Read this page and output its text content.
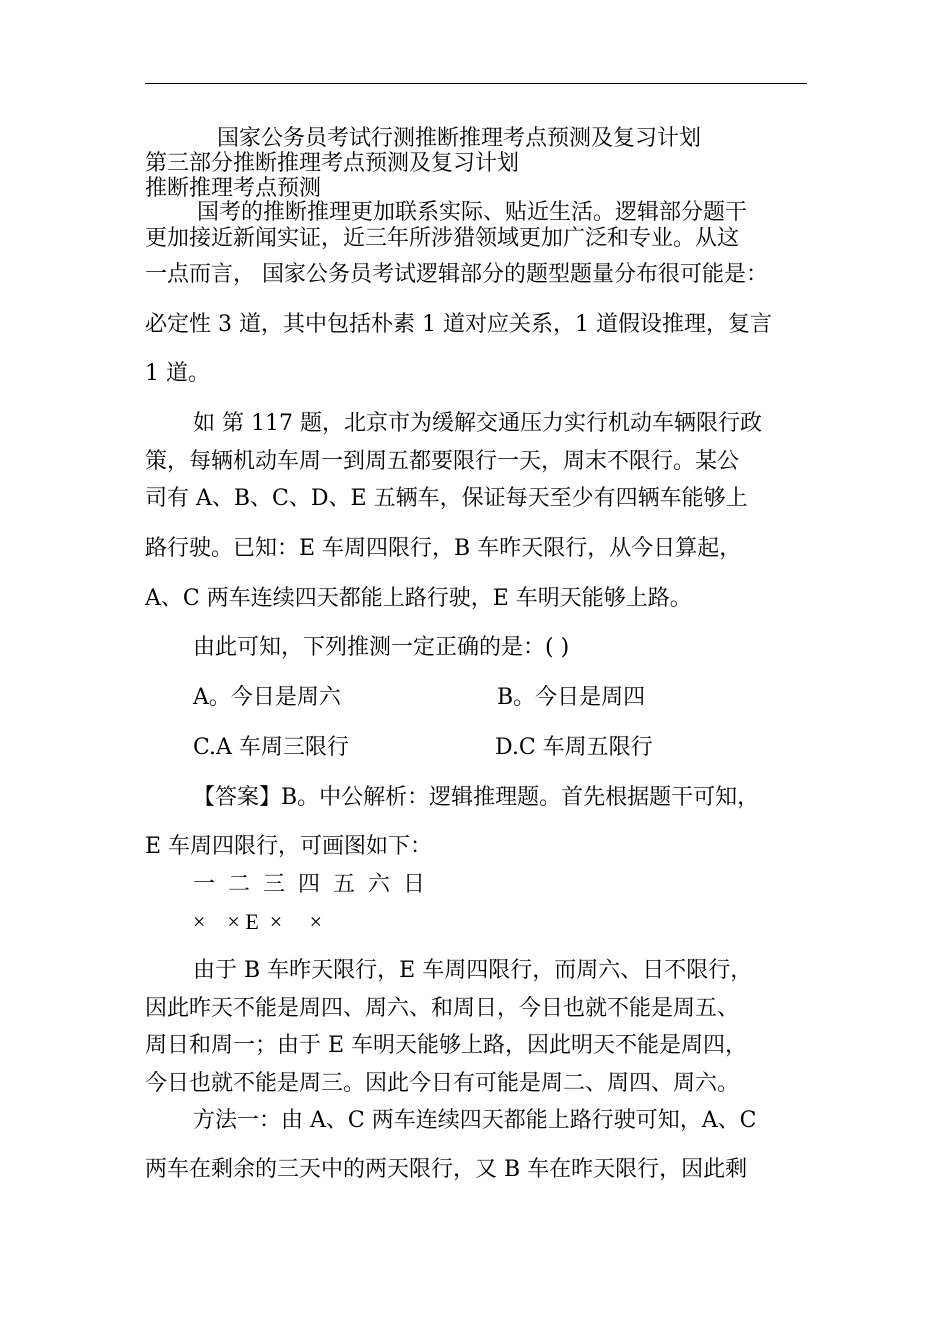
国家公务员考试行测推断推理考点预测及复习计划
第三部分推断推理考点预测及复习计划
推断推理考点预测
国考的推断推理更加联系实际、贴近生活。逻辑部分题干
更加接近新闻实证，近三年所涉猎领域更加广泛和专业。从这
一点而言， 国家公务员考试逻辑部分的题型题量分布很可能是：
必定性 3 道，其中包括朴素 1 道对应关系，1 道假设推理，复言
1 道。
如 第 117 题，北京市为缓解交通压力实行机动车辆限行政
策，每辆机动车周一到周五都要限行一天，周末不限行。某公
司有 A、B、C、D、E 五辆车，保证每天至少有四辆车能够上
路行驶。已知：E 车周四限行，B 车昨天限行，从今日算起，
A、C 两车连续四天都能上路行驶，E 车明天能够上路。
由此可知，下列推测一定正确的是：( )
A。今日是周六	B。今日是周四
C.A 车周三限行	D.C 车周五限行
【答案】B。中公解析：逻辑推理题。首先根据题干可知，
E 车周四限行，可画图如下：
一 二 三 四 五 六 日
×    × E  ×     ×
由于 B 车昨天限行，E 车周四限行，而周六、日不限行，
因此昨天不能是周四、周六、和周日，今日也就不能是周五、
周日和周一；由于 E 车明天能够上路，因此明天不能是周四，
今日也就不能是周三。因此今日有可能是周二、周四、周六。
方法一：由 A、C 两车连续四天都能上路行驶可知，A、C
两车在剩余的三天中的两天限行，又 B 车在昨天限行，因此剩
